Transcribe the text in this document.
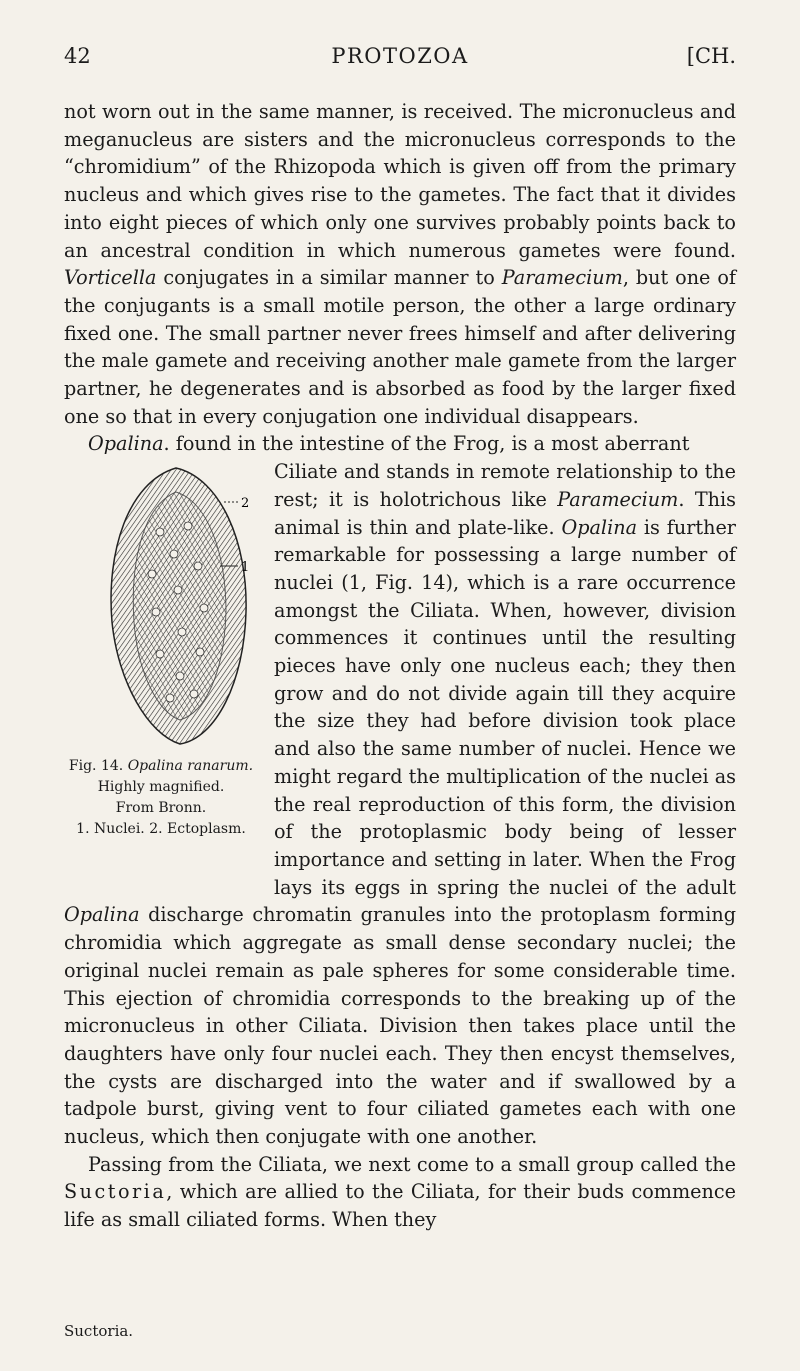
42	PROTOZOA	[CH.

not worn out in the same manner, is received. The micronucleus and meganucleus are sisters and the micronucleus corresponds to the “chromidium” of the Rhizopoda which is given off from the primary nucleus and which gives rise to the gametes. The fact that it divides into eight pieces of which only one survives probably points back to an ancestral condition in which numerous gametes were found. Vorticella conjugates in a similar manner to Paramecium, but one of the conjugants is a small motile person, the other a large ordinary fixed one. The small partner never frees himself and after delivering the male gamete and receiving another male gamete from the larger partner, he degenerates and is absorbed as food by the larger fixed one so that in every conjugation one individual disappears.

Opalina. found in the intestine of the Frog, is a most aberrant

2
1
Fig. 14. Opalina ranarum.
Highly magnified.
From Bronn.
1. Nuclei. 2. Ectoplasm.

Ciliate and stands in remote relationship to the rest; it is holotrichous like Paramecium. This animal is thin and plate-like. Opalina is further remarkable for possessing a large number of nuclei (1, Fig. 14), which is a rare occurrence amongst the Ciliata. When, however, division commences it continues until the resulting pieces have only one nucleus each; they then grow and do not divide again till they acquire the size they had before division took place and also the same number of nuclei. Hence we might regard the multiplication of the nuclei as the real reproduction of this form, the division of the protoplasmic body being of lesser importance and setting in later. When the Frog lays its eggs in spring the nuclei of the adult Opalina discharge chromatin granules into the protoplasm forming chromidia which aggregate as small dense secondary nuclei; the original nuclei remain as pale spheres for some considerable time. This ejection of chromidia corresponds to the breaking up of the micronucleus in other Ciliata. Division then takes place until the daughters have only four nuclei each. They then encyst themselves, the cysts are discharged into the water and if swallowed by a tadpole burst, giving vent to four ciliated gametes each with one nucleus, which then conjugate with one another.

Passing from the Ciliata, we next come to a small group called the Suctoria, which are allied to the Ciliata, for their buds commence life as small ciliated forms. When they

Suctoria.
